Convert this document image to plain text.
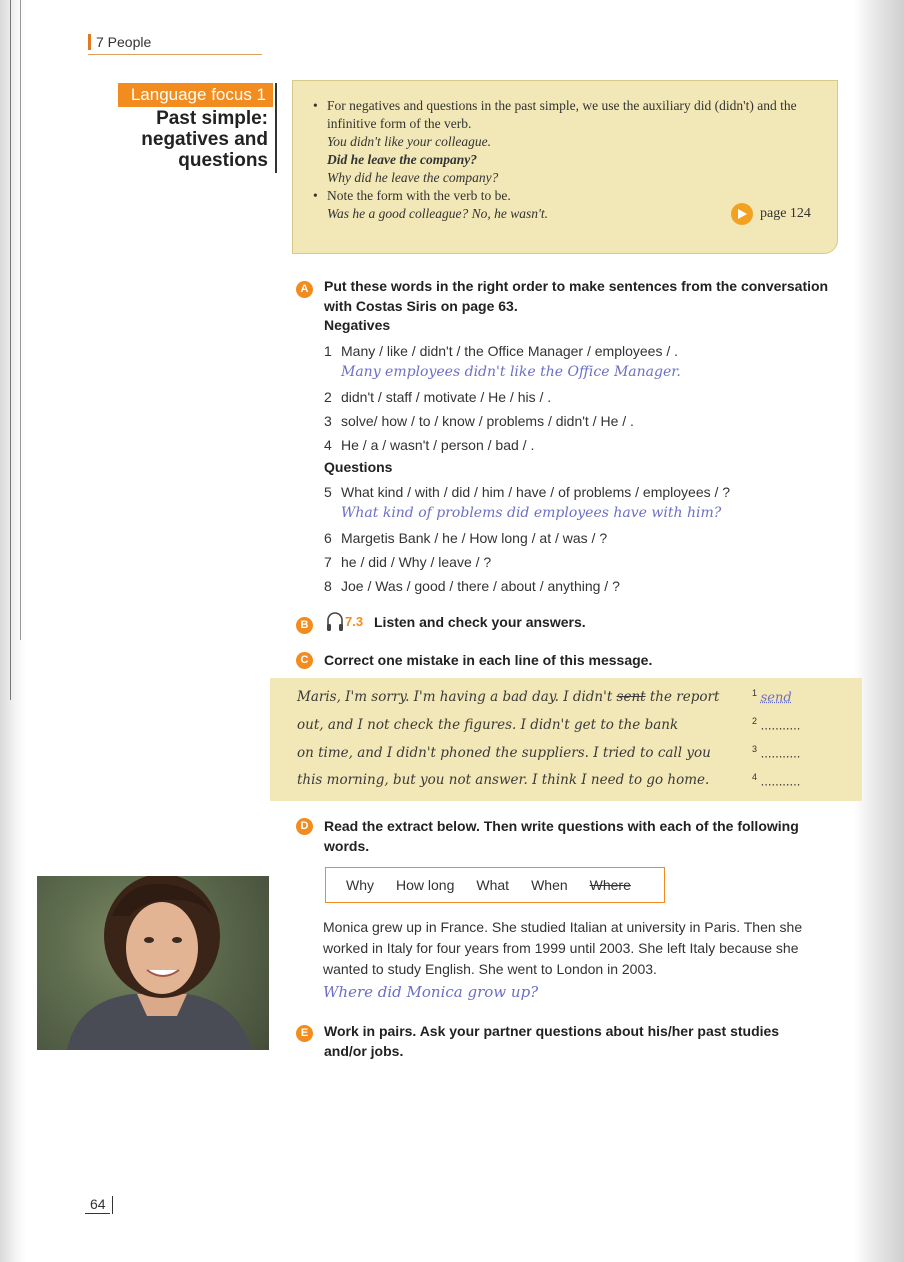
7 People
Language focus 1
Past simple: negatives and questions
• For negatives and questions in the past simple, we use the auxiliary did (didn't) and the infinitive form of the verb.
You didn't like your colleague.
Did he leave the company?
Why did he leave the company?
• Note the form with the verb to be.
Was he a good colleague? No, he wasn't.	page 124
A	Put these words in the right order to make sentences from the conversation with Costas Siris on page 63.
Negatives
1 Many / like / didn't / the Office Manager / employees / .
Many employees didn't like the Office Manager.
2 didn't / staff / motivate / He / his / .
3 solve/ how / to / know / problems / didn't / He / .
4 He / a / wasn't / person / bad / .
Questions
5 What kind / with / did / him / have / of problems / employees / ?
What kind of problems did employees have with him?
6 Margetis Bank / he / How long / at / was / ?
7 he / did / Why / leave / ?
8 Joe / Was / good / there / about / anything / ?
B	7.3 Listen and check your answers.
C	Correct one mistake in each line of this message.
Maris, I'm sorry. I'm having a bad day. I didn't sent the report
out, and I not check the figures. I didn't get to the bank
on time, and I didn't phoned the suppliers. I tried to call you
this morning, but you not answer. I think I need to go home.
$^1$ send
$^2$ ...........
$^3$ ...........
$^4$ ...........
D	Read the extract below. Then write questions with each of the following words.
Why How long What When Where
Monica grew up in France. She studied Italian at university in Paris. Then she worked in Italy for four years from 1999 until 2003. She left Italy because she wanted to study English. She went to London in 2003.
Where did Monica grow up?
E	Work in pairs. Ask your partner questions about his/her past studies and/or jobs.
64
